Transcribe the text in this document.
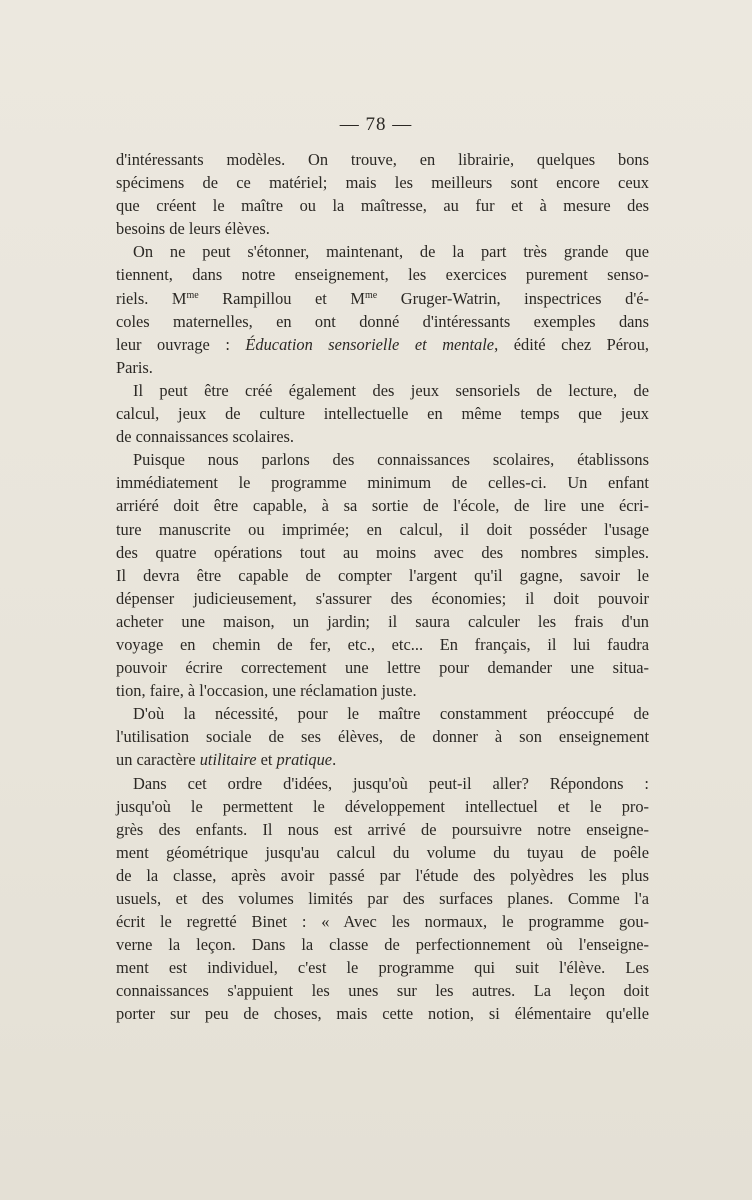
— 78 —

d'intéressants modèles. On trouve, en librairie, quelques bons

spécimens de ce matériel; mais les meilleurs sont encore ceux

que créent le maître ou la maîtresse, au fur et à mesure des

besoins de leurs élèves.

On ne peut s'étonner, maintenant, de la part très grande que

tiennent, dans notre enseignement, les exercices purement senso-

riels. $M^{me}$ Rampillou et $M^{me}$ Gruger-Watrin, inspectrices d'é-

coles maternelles, en ont donné d'intéressants exemples dans

leur ouvrage : Éducation sensorielle et mentale, édité chez Pérou,

Paris.

Il peut être créé également des jeux sensoriels de lecture, de

calcul, jeux de culture intellectuelle en même temps que jeux

de connaissances scolaires.

Puisque nous parlons des connaissances scolaires, établissons

immédiatement le programme minimum de celles-ci. Un enfant

arriéré doit être capable, à sa sortie de l'école, de lire une écri-

ture manuscrite ou imprimée; en calcul, il doit posséder l'usage

des quatre opérations tout au moins avec des nombres simples.

Il devra être capable de compter l'argent qu'il gagne, savoir le

dépenser judicieusement, s'assurer des économies; il doit pouvoir

acheter une maison, un jardin; il saura calculer les frais d'un

voyage en chemin de fer, etc., etc... En français, il lui faudra

pouvoir écrire correctement une lettre pour demander une situa-

tion, faire, à l'occasion, une réclamation juste.

D'où la nécessité, pour le maître constamment préoccupé de

l'utilisation sociale de ses élèves, de donner à son enseignement

un caractère utilitaire et pratique.

Dans cet ordre d'idées, jusqu'où peut-il aller? Répondons :

jusqu'où le permettent le développement intellectuel et le pro-

grès des enfants. Il nous est arrivé de poursuivre notre enseigne-

ment géométrique jusqu'au calcul du volume du tuyau de poêle

de la classe, après avoir passé par l'étude des polyèdres les plus

usuels, et des volumes limités par des surfaces planes. Comme l'a

écrit le regretté Binet : « Avec les normaux, le programme gou-

verne la leçon. Dans la classe de perfectionnement où l'enseigne-

ment est individuel, c'est le programme qui suit l'élève. Les

connaissances s'appuient les unes sur les autres. La leçon doit

porter sur peu de choses, mais cette notion, si élémentaire qu'elle
